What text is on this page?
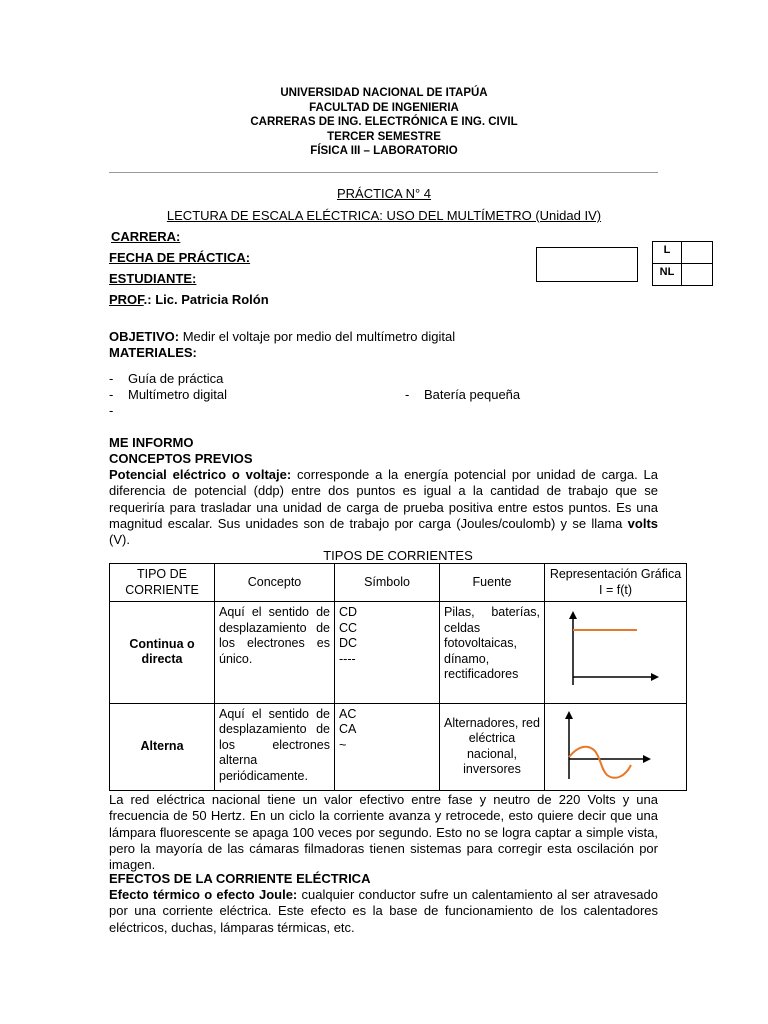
UNIVERSIDAD NACIONAL DE ITAPÚA
FACULTAD DE INGENIERIA
CARRERAS DE ING. ELECTRÓNICA E ING. CIVIL
TERCER SEMESTRE
FÍSICA III – LABORATORIO
PRÁCTICA N° 4
LECTURA DE ESCALA ELÉCTRICA: USO DEL MULTÍMETRO (Unidad IV)
CARRERA:
FECHA DE PRÁCTICA:
ESTUDIANTE:
PROF.: Lic. Patricia Rolón
L
NL
OBJETIVO: Medir el voltaje por medio del multímetro digital
MATERIALES:
- Guía de práctica
- Multímetro digital	- Batería pequeña
-
ME INFORMO
CONCEPTOS PREVIOS
Potencial eléctrico o voltaje: corresponde a la energía potencial por unidad de carga. La diferencia de potencial (ddp) entre dos puntos es igual a la cantidad de trabajo que se requeriría para trasladar una unidad de carga de prueba positiva entre estos puntos. Es una magnitud escalar. Sus unidades son de trabajo por carga (Joules/coulomb) y se llama volts (V).
TIPOS DE CORRIENTES
TIPO DE CORRIENTE	Concepto	Símbolo	Fuente	Representación Gráfica I = f(t)
Continua o directa	Aquí el sentido de desplazamiento de los electrones es único.	CD
CC
DC
----	Pilas, baterías, celdas fotovoltaicas, dínamo, rectificadores	
Alterna	Aquí el sentido de desplazamiento de los electrones alterna periódicamente.	AC
CA
~	Alternadores, red eléctrica nacional, inversores	
La red eléctrica nacional tiene un valor efectivo entre fase y neutro de 220 Volts y una frecuencia de 50 Hertz. En un ciclo la corriente avanza y retrocede, esto quiere decir que una lámpara fluorescente se apaga 100 veces por segundo. Esto no se logra captar a simple vista, pero la mayoría de las cámaras filmadoras tienen sistemas para corregir esta oscilación por imagen.
EFECTOS DE LA CORRIENTE ELÉCTRICA
Efecto térmico o efecto Joule: cualquier conductor sufre un calentamiento al ser atravesado por una corriente eléctrica. Este efecto es la base de funcionamiento de los calentadores eléctricos, duchas, lámparas térmicas, etc.
